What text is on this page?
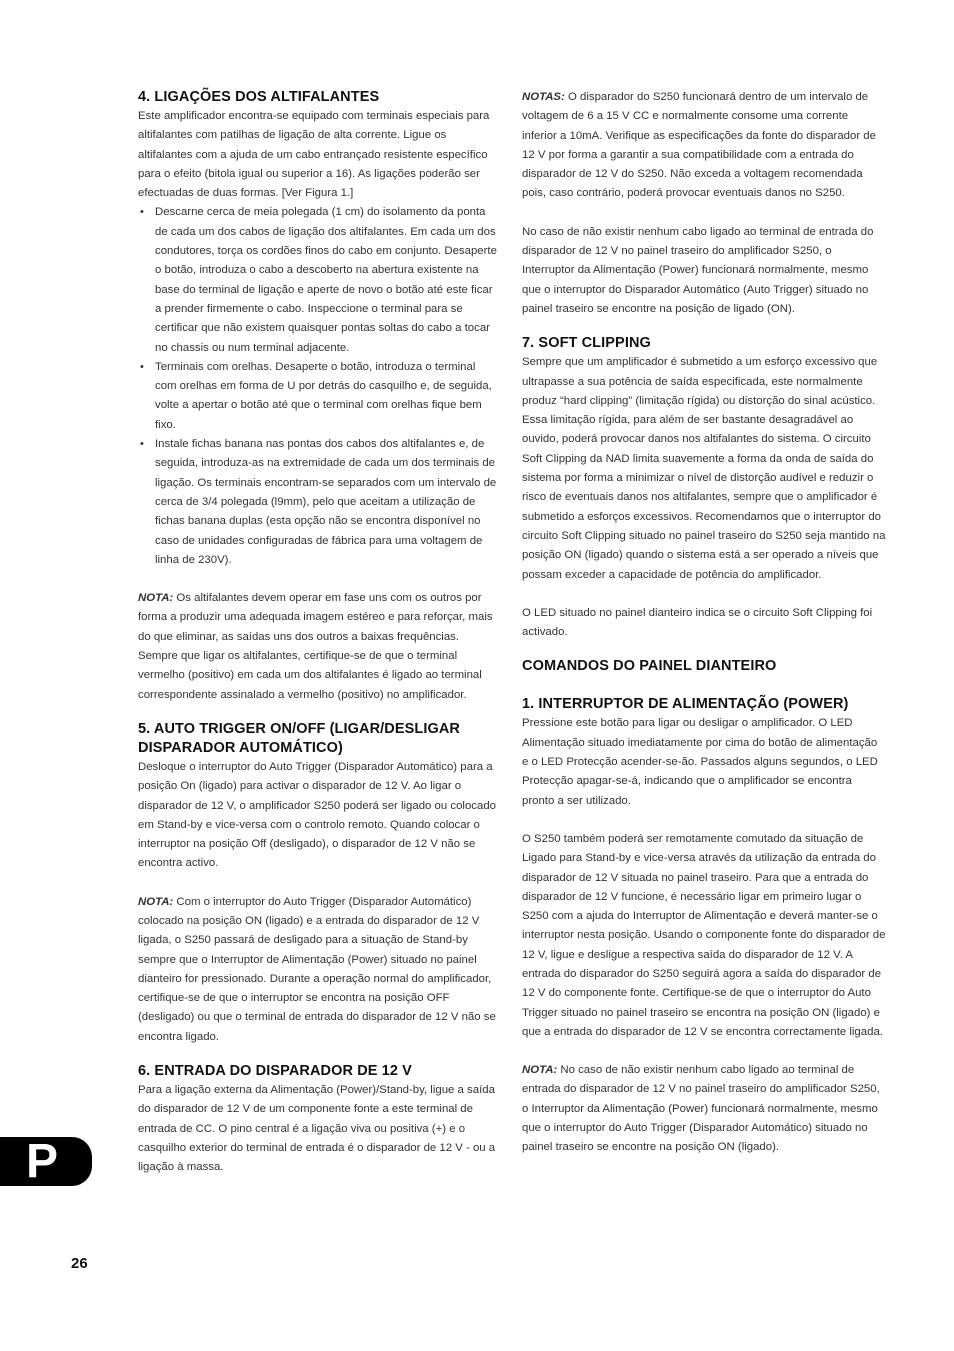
4. LIGAÇÕES DOS ALTIFALANTES

Este amplificador encontra-se equipado com terminais especiais para altifalantes com patilhas de ligação de alta corrente. Ligue os altifalantes com a ajuda de um cabo entrançado resistente específico para o efeito (bitola igual ou superior a 16). As ligações poderão ser efectuadas de duas formas. [Ver Figura 1.]

• Descarne cerca de meia polegada (1 cm) do isolamento da ponta de cada um dos cabos de ligação dos altifalantes. Em cada um dos condutores, torça os cordões finos do cabo em conjunto. Desaperte o botão, introduza o cabo a descoberto na abertura existente na base do terminal de ligação e aperte de novo o botão até este ficar a prender firmemente o cabo. Inspeccione o terminal para se certificar que não existem quaisquer pontas soltas do cabo a tocar no chassis ou num terminal adjacente.
• Terminais com orelhas. Desaperte o botão, introduza o terminal com orelhas em forma de U por detrás do casquilho e, de seguida, volte a apertar o botão até que o terminal com orelhas fique bem fixo.
• Instale fichas banana nas pontas dos cabos dos altifalantes e, de seguida, introduza-as na extremidade de cada um dos terminais de ligação. Os terminais encontram-se separados com um intervalo de cerca de 3/4 polegada (l9mm), pelo que aceitam a utilização de fichas banana duplas (esta opção não se encontra disponível no caso de unidades configuradas de fábrica para uma voltagem de linha de 230V).

NOTA: Os altifalantes devem operar em fase uns com os outros por forma a produzir uma adequada imagem estéreo e para reforçar, mais do que eliminar, as saídas uns dos outros a baixas frequências. Sempre que ligar os altifalantes, certifique-se de que o terminal vermelho (positivo) em cada um dos altifalantes é ligado ao terminal correspondente assinalado a vermelho (positivo) no amplificador.

5. AUTO TRIGGER ON/OFF (LIGAR/DESLIGAR DISPARADOR AUTOMÁTICO)

Desloque o interruptor do Auto Trigger (Disparador Automático) para a posição On (ligado) para activar o disparador de 12 V. Ao ligar o disparador de 12 V, o amplificador S250 poderá ser ligado ou colocado em Stand-by e vice-versa com o controlo remoto. Quando colocar o interruptor na posição Off (desligado), o disparador de 12 V não se encontra activo.

NOTA: Com o interruptor do Auto Trigger (Disparador Automático) colocado na posição ON (ligado) e a entrada do disparador de 12 V ligada, o S250 passará de desligado para a situação de Stand-by sempre que o Interruptor de Alimentação (Power) situado no painel dianteiro for pressionado. Durante a operação normal do amplificador, certifique-se de que o interruptor se encontra na posição OFF (desligado) ou que o terminal de entrada do disparador de 12 V não se encontra ligado.

6. ENTRADA DO DISPARADOR DE 12 V

Para a ligação externa da Alimentação (Power)/Stand-by, ligue a saída do disparador de 12 V de um componente fonte a este terminal de entrada de CC. O pino central é a ligação viva ou positiva (+) e o casquilho exterior do terminal de entrada é o disparador de 12 V - ou a ligação à massa.

NOTAS: O disparador do S250 funcionará dentro de um intervalo de voltagem de 6 a 15 V CC e normalmente consome uma corrente inferior a 10mA. Verifique as especificações da fonte do disparador de 12 V por forma a garantir a sua compatibilidade com a entrada do disparador de 12 V do S250. Não exceda a voltagem recomendada pois, caso contrário, poderá provocar eventuais danos no S250.

No caso de não existir nenhum cabo ligado ao terminal de entrada do disparador de 12 V no painel traseiro do amplificador S250, o Interruptor da Alimentação (Power) funcionará normalmente, mesmo que o interruptor do Disparador Automático (Auto Trigger) situado no painel traseiro se encontre na posição de ligado (ON).

7. SOFT CLIPPING

Sempre que um amplificador é submetido a um esforço excessivo que ultrapasse a sua potência de saída especificada, este normalmente produz “hard clipping” (limitação rígida) ou distorção do sinal acústico. Essa limitação rígida, para além de ser bastante desagradável ao ouvido, poderá provocar danos nos altifalantes do sistema. O circuito Soft Clipping da NAD limita suavemente a forma da onda de saída do sistema por forma a minimizar o nível de distorção audível e reduzir o risco de eventuais danos nos altifalantes, sempre que o amplificador é submetido a esforços excessivos. Recomendamos que o interruptor do circuito Soft Clipping situado no painel traseiro do S250 seja mantido na posição ON (ligado) quando o sistema está a ser operado a níveis que possam exceder a capacidade de potência do amplificador.

O LED situado no painel dianteiro indica se o circuito Soft Clipping foi activado.

COMANDOS DO PAINEL DIANTEIRO
1. INTERRUPTOR DE ALIMENTAÇÃO (POWER)

Pressione este botão para ligar ou desligar o amplificador. O LED Alimentação situado imediatamente por cima do botão de alimentação e o LED Protecção acender-se-ão. Passados alguns segundos, o LED Protecção apagar-se-á, indicando que o amplificador se encontra pronto a ser utilizado.

O S250 também poderá ser remotamente comutado da situação de Ligado para Stand-by e vice-versa através da utilização da entrada do disparador de 12 V situada no painel traseiro. Para que a entrada do disparador de 12 V funcione, é necessário ligar em primeiro lugar o S250 com a ajuda do Interruptor de Alimentação e deverá manter-se o interruptor nesta posição. Usando o componente fonte do disparador de 12 V, ligue e desligue a respectiva saída do disparador de 12 V. A entrada do disparador do S250 seguirá agora a saída do disparador de 12 V do componente fonte. Certifique-se de que o interruptor do Auto Trigger situado no painel traseiro se encontra na posição ON (ligado) e que a entrada do disparador de 12 V se encontra correctamente ligada.

NOTA: No caso de não existir nenhum cabo ligado ao terminal de entrada do disparador de 12 V no painel traseiro do amplificador S250, o Interruptor da Alimentação (Power) funcionará normalmente, mesmo que o interruptor do Auto Trigger (Disparador Automático) situado no painel traseiro se encontre na posição ON (ligado).

P
26
